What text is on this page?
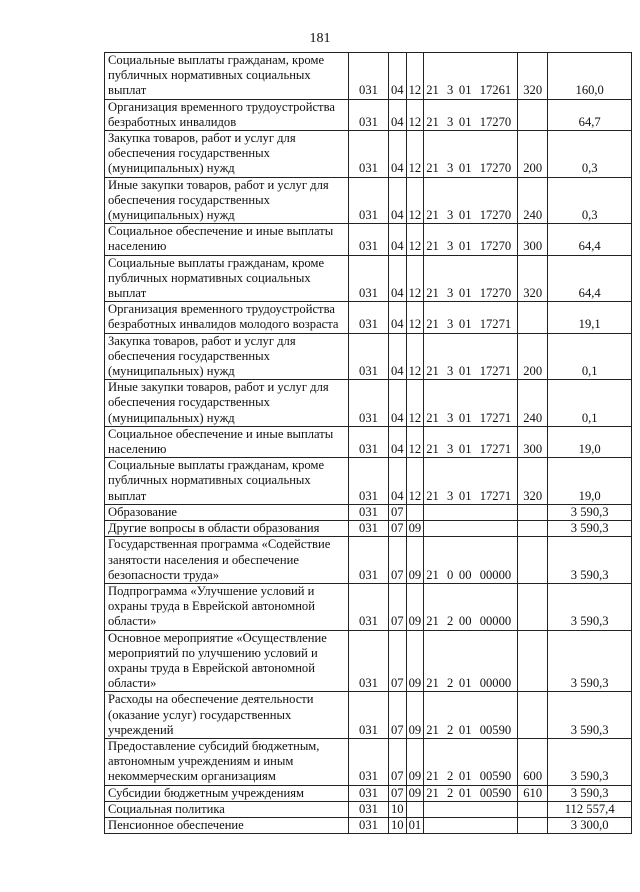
181
Социальные выплаты гражданам, кроме публичных нормативных социальных выплат	031	04	12	21 3 01 17261	320	160,0
Организация временного трудоустройства безработных инвалидов	031	04	12	21 3 01 17270		64,7
Закупка товаров, работ и услуг для обеспечения государственных (муниципальных) нужд	031	04	12	21 3 01 17270	200	0,3
Иные закупки товаров, работ и услуг для обеспечения государственных (муниципальных) нужд	031	04	12	21 3 01 17270	240	0,3
Социальное обеспечение и иные выплаты населению	031	04	12	21 3 01 17270	300	64,4
Социальные выплаты гражданам, кроме публичных нормативных социальных выплат	031	04	12	21 3 01 17270	320	64,4
Организация временного трудоустройства безработных инвалидов молодого возраста	031	04	12	21 3 01 17271		19,1
Закупка товаров, работ и услуг для обеспечения государственных (муниципальных) нужд	031	04	12	21 3 01 17271	200	0,1
Иные закупки товаров, работ и услуг для обеспечения государственных (муниципальных) нужд	031	04	12	21 3 01 17271	240	0,1
Социальное обеспечение и иные выплаты населению	031	04	12	21 3 01 17271	300	19,0
Социальные выплаты гражданам, кроме публичных нормативных социальных выплат	031	04	12	21 3 01 17271	320	19,0
Образование	031	07				3 590,3
Другие вопросы в области образования	031	07	09			3 590,3
Государственная программа «Содействие занятости населения и обеспечение безопасности труда»	031	07	09	21 0 00 00000		3 590,3
Подпрограмма «Улучшение условий и охраны труда в Еврейской автономной области»	031	07	09	21 2 00 00000		3 590,3
Основное мероприятие «Осуществление мероприятий по улучшению условий и охраны труда в Еврейской автономной области»	031	07	09	21 2 01 00000		3 590,3
Расходы на обеспечение деятельности (оказание услуг) государственных учреждений	031	07	09	21 2 01 00590		3 590,3
Предоставление субсидий бюджетным, автономным учреждениям и иным некоммерческим организациям	031	07	09	21 2 01 00590	600	3 590,3
Субсидии бюджетным учреждениям	031	07	09	21 2 01 00590	610	3 590,3
Социальная политика	031	10				112 557,4
Пенсионное обеспечение	031	10	01			3 300,0
